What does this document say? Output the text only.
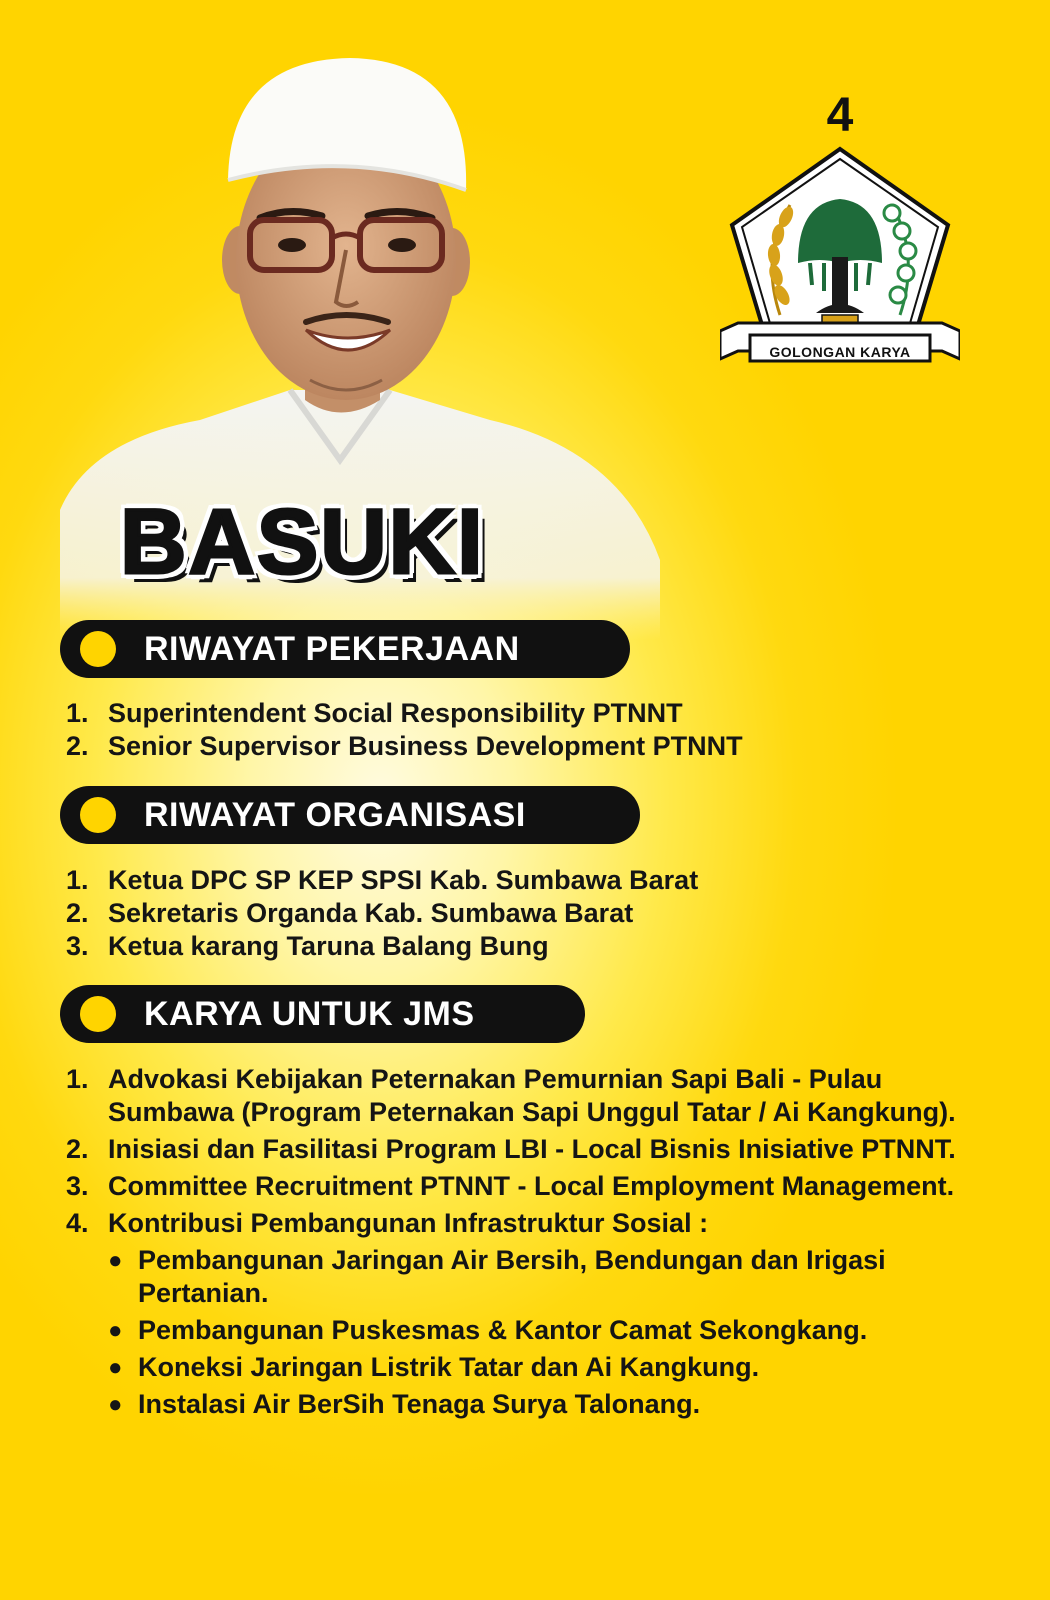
4
GOLONGAN KARYA
BASUKI
RIWAYAT PEKERJAAN
1. Superintendent Social Responsibility PTNNT
2. Senior Supervisor Business Development PTNNT
RIWAYAT ORGANISASI
1. Ketua DPC SP KEP SPSI Kab. Sumbawa Barat
2. Sekretaris Organda Kab. Sumbawa Barat
3. Ketua karang Taruna Balang Bung
KARYA UNTUK JMS
1. Advokasi Kebijakan Peternakan Pemurnian Sapi Bali - Pulau Sumbawa (Program Peternakan Sapi Unggul Tatar / Ai Kangkung).
2. Inisiasi dan Fasilitasi Program LBI - Local Bisnis Inisiative PTNNT.
3. Committee Recruitment PTNNT - Local Employment Management.
4. Kontribusi Pembangunan Infrastruktur Sosial :
● Pembangunan Jaringan Air Bersih, Bendungan dan Irigasi Pertanian.
● Pembangunan Puskesmas & Kantor Camat Sekongkang.
● Koneksi Jaringan Listrik Tatar dan Ai Kangkung.
● Instalasi Air BerSih Tenaga Surya Talonang.
